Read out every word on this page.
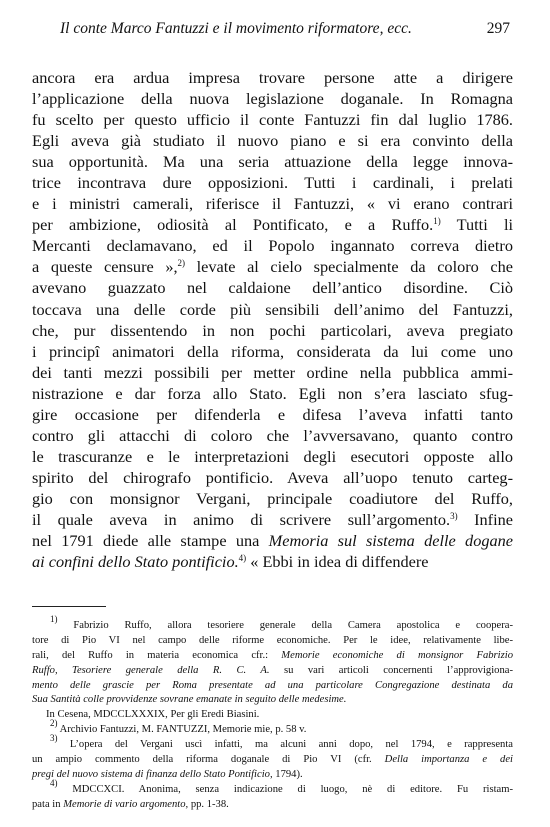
Il conte Marco Fantuzzi e il movimento riformatore, ecc.	297
ancora era ardua impresa trovare persone atte a dirigere
l’applicazione della nuova legislazione doganale. In Romagna
fu scelto per questo ufficio il conte Fantuzzi fin dal luglio 1786.
Egli aveva già studiato il nuovo piano e si era convinto della
sua opportunità. Ma una seria attuazione della legge innova-
trice incontrava dure opposizioni. Tutti i cardinali, i prelati
e i ministri camerali, riferisce il Fantuzzi, « vi erano contrari
per ambizione, odiosità al Pontificato, e a Ruffo.$^{1)}$ Tutti li
Mercanti declamavano, ed il Popolo ingannato correva dietro
a queste censure »,$^{2)}$ levate al cielo specialmente da coloro che
avevano guazzato nel caldaione dell’antico disordine. Ciò
toccava una delle corde più sensibili dell’animo del Fantuzzi,
che, pur dissentendo in non pochi particolari, aveva pregiato
i principî animatori della riforma, considerata da lui come uno
dei tanti mezzi possibili per metter ordine nella pubblica ammi-
nistrazione e dar forza allo Stato. Egli non s’era lasciato sfug-
gire occasione per difenderla e difesa l’aveva infatti tanto
contro gli attacchi di coloro che l’avversavano, quanto contro
le trascuranze e le interpretazioni degli esecutori opposte allo
spirito del chirografo pontificio. Aveva all’uopo tenuto carteg-
gio con monsignor Vergani, principale coadiutore del Ruffo,
il quale aveva in animo di scrivere sull’argomento.$^{3)}$ Infine
nel 1791 diede alle stampe una Memoria sul sistema delle dogane
ai confini dello Stato pontificio.$^{4)}$ « Ebbi in idea di diffendere
$^{1)}$ Fabrizio Ruffo, allora tesoriere generale della Camera apostolica e coopera-
tore di Pio VI nel campo delle riforme economiche. Per le idee, relativamente libe-
rali, del Ruffo in materia economica cfr.: Memorie economiche di monsignor Fabrizio
Ruffo, Tesoriere generale della R. C. A. su vari articoli concernenti l’approvigiona-
mento delle grascie per Roma presentate ad una particolare Congregazione destinata da
Sua Santità colle provvidenze sovrane emanate in seguito delle medesime.
In Cesena, MDCCLXXXIX, Per gli Eredi Biasini.
$^{2)}$ Archivio Fantuzzi, M. FANTUZZI, Memorie mie, p. 58 v.
$^{3)}$ L’opera del Vergani uscì infatti, ma alcuni anni dopo, nel 1794, e rappresenta
un ampio commento della riforma doganale di Pio VI (cfr. Della importanza e dei
pregi del nuovo sistema di finanza dello Stato Pontificio, 1794).
$^{4)}$ MDCCXCI. Anonima, senza indicazione di luogo, nè di editore. Fu ristam-
pata in Memorie di vario argomento, pp. 1-38.
